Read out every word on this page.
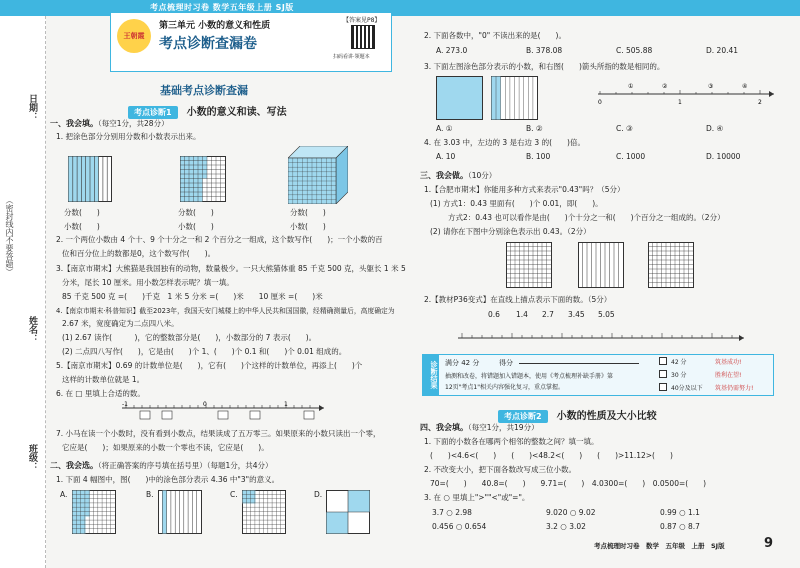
考点梳理时习卷 数学五年级上册 SJ版
（密封线内不要答题）
日期：
姓名：
班级：
王朝霞
第三单元 小数的意义和性质
考点诊断查漏卷
【答案见P8】
扫码看讲·领题本
基础考点诊断查漏
考点诊断1 小数的意义和读、写法
一、我会填。（每空1分，共28分）
1. 把涂色部分分别用分数和小数表示出来。
分数(　　)
小数(　　)
分数(　　)
小数(　　)
分数(　　)
小数(　　)
2. 一个两位小数由 4 个十、9 个十分之一和 2 个百分之一组成，这个数写作(　　)；一个小数的百
位和百分位上的数都是0，这个数写作(　　)。
3.【南京市期末】大熊猫是我国独有的动物，数量极少。一只大熊猫体重 85 千克 500 克，头躯长 1 米 5
分米，尾长 10 厘米。用小数怎样表示呢？填一填。
85 千克 500 克 =(　　)千克　1 米 5 分米 =(　　)米　　10 厘米 =(　　)米
4.【南京市期末·科普知识】截至2023年，我国天安门城楼上的中华人民共和国国徽，经精确测量后，高度确定为
2.67 米，宽度确定为二点四八米。
(1) 2.67 读作(　　　)，它的整数部分是(　　)，小数部分的 7 表示(　　)。
(2) 二点四八写作(　　)，它是由(　　)个 1、(　　)个 0.1 和(　　)个 0.01 组成的。
5.【南京市期末】0.69 的计数单位是(　　)，它有(　　)个这样的计数单位，再添上(　　)个
这样的计数单位就是 1。
6. 在 □ 里填上合适的数。
-1	0	1
7. 小马在读一个小数时，没有看到小数点，结果读成了五万零三。如果原来的小数只读出一个零，
它应是(　　)；如果原来的小数一个零也不读，它应是(　　)。
二、我会选。（将正确答案的序号填在括号里）（每题1分，共4分）
1. 下面 4 幅图中，图(　　)中的涂色部分表示 4.36 中"3"的意义。
A.	B.	C.	D.
2. 下面各数中，"0" 不读出来的是(　　)。
A. 273.0	B. 378.08	C. 505.88	D. 20.41
3. 下面左图涂色部分表示的小数，和右图(　　)箭头所指的数是相同的。
0	1	2
①	②	③	④
A. ①	B. ②	C. ③	D. ④
4. 在 3.03 中，左边的 3 是右边 3 的(　　)倍。
A. 10	B. 100	C. 1000	D. 10000
三、我会做。（10分）
1.【合肥市期末】你能用多种方式来表示"0.43"吗？（5分）
(1) 方式1：0.43 里面有(　　)个 0.01，即(　　)。
方式2：0.43 也可以看作是由(　　)个十分之一和(　　)个百分之一组成的。（2分）
(2) 请你在下图中分别涂色表示出 0.43。（2分）
2.【教材P36变式】在直线上描点表示下面的数。（5分）
0.6 1.4 2.7 3.45 5.05
诊断结果 满分 42 分	得分
抽测和改卷，将错题加入错题本，使用《考点梳理补缺手册》第
12页"考点1"相关内容强化复习，重点掌握。
42 分
30 分
40分及以下
筑基成功!
胜利在望!
筑基仍需努力!
考点诊断2 小数的性质及大小比较
四、我会填。（每空1分，共19分）
1. 下面的小数各在哪两个相邻的整数之间？填一填。
(　　)<4.6<(　　)　　(　　)<48.2<(　　)　　(　　)>11.12>(　　)
2. 不改变大小，把下面各数改写成三位小数。
70=(　　)　　40.8=(　　)　　9.71=(　　)　4.0300=(　　)　0.0500=(　　)
3. 在 ○ 里填上">""<"或"="。
3.7 ○ 2.98	9.020 ○ 9.02	0.99 ○ 1.1
0.456 ○ 0.654	3.2 ○ 3.02	0.87 ○ 8.7
考点梳理时习卷　数学　五年级　上册　SJ版	9
